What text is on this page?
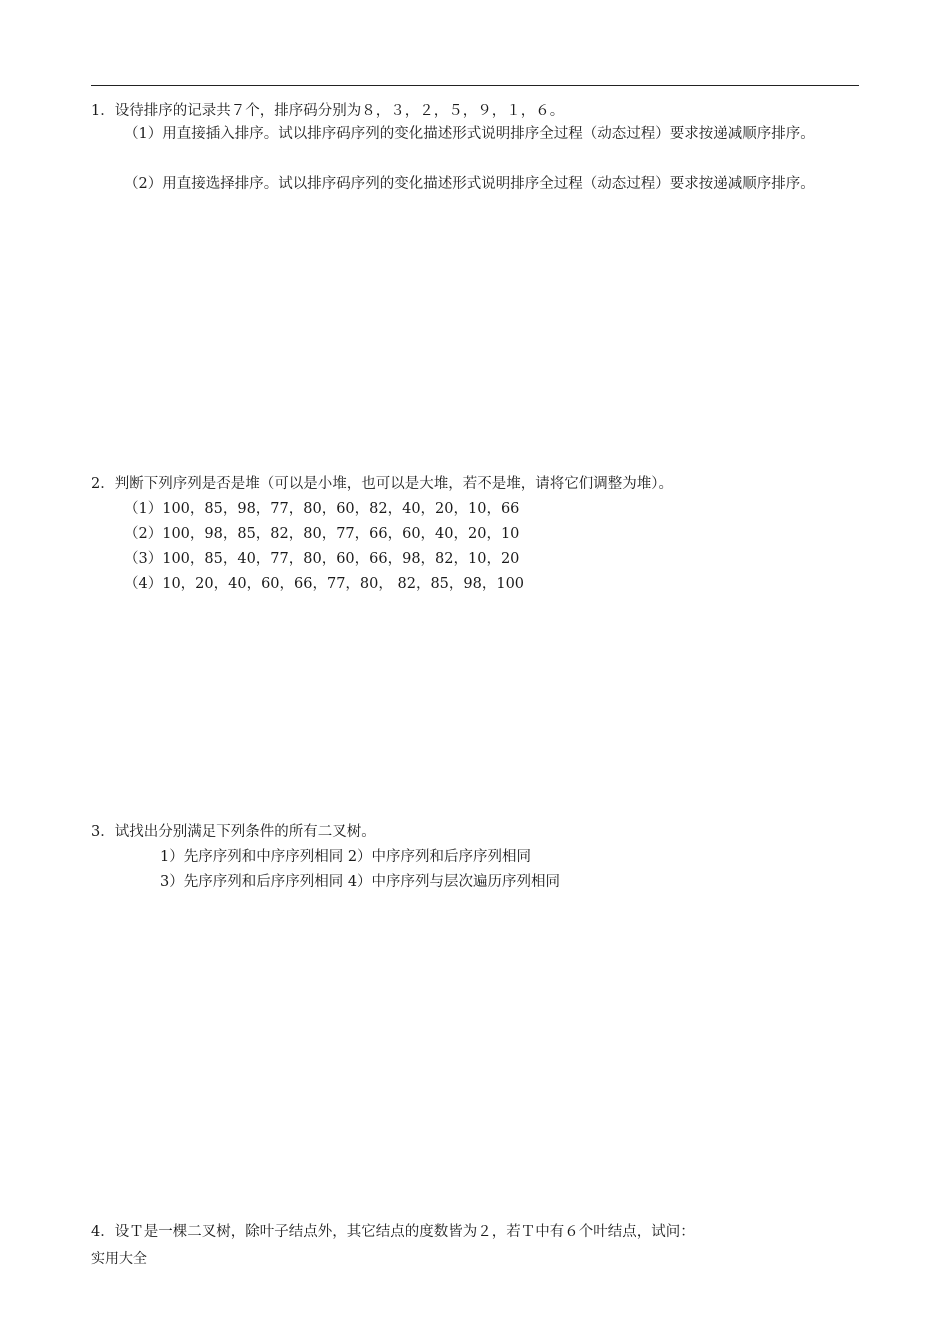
1．设待排序的记录共７个，排序码分别为８，３，２，５，９，１，６。
（1）用直接插入排序。试以排序码序列的变化描述形式说明排序全过程（动态过程）要求按递减顺序排序。
（2）用直接选择排序。试以排序码序列的变化描述形式说明排序全过程（动态过程）要求按递减顺序排序。
2．判断下列序列是否是堆（可以是小堆，也可以是大堆，若不是堆，请将它们调整为堆）。
（1）100，85，98，77，80，60，82，40，20，10，66
（2）100，98，85，82，80，77，66，60，40，20，10
（3）100，85，40，77，80，60，66，98，82，10，20
（4）10，20，40，60，66，77，80， 82，85，98，100
3．试找出分别满足下列条件的所有二叉树。
1）先序序列和中序序列相同 2）中序序列和后序序列相同
3）先序序列和后序序列相同 4）中序序列与层次遍历序列相同
4．设Ｔ是一棵二叉树，除叶子结点外，其它结点的度数皆为２，若Ｔ中有６个叶结点，试问：
实用大全
